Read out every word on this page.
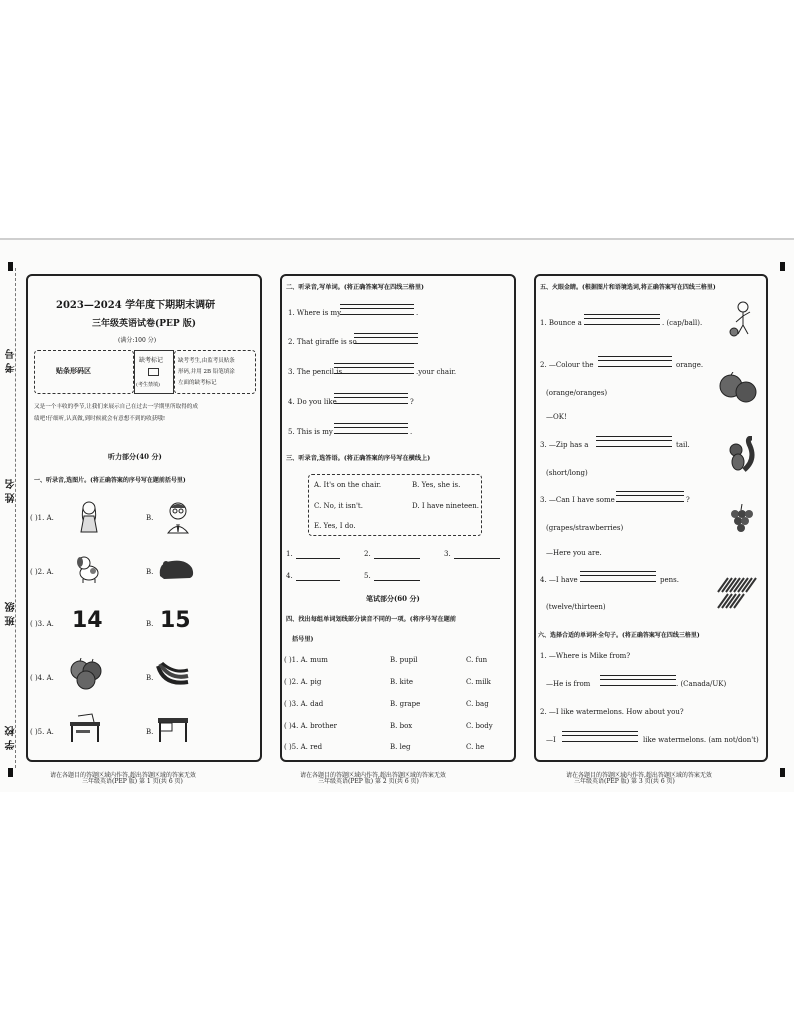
考号
姓名
班级
学校
2023—2024 学年度下期期末调研
三年级英语试卷(PEP 版)
(满分:100 分)
贴条形码区
缺考标记
(考生禁填)
缺考考生,由监考员贴条
形码,并用 2B 铅笔填涂
左面的缺考标记
又是一个丰收的季节,让我们来展示自己在过去一学期里所取得的成
绩吧!仔细听,认真做,到时候就会有意想不到的收获哦!
听力部分(40 分)
一、听录音,选图片。(将正确答案的序号写在题前括号里)
( )1. A.	B.
( )2. A.	B.
( )3. A. 14	B. 15
( )4. A.	B.
( )5. A.	B.
请在各题目的答题区域内作答,超出答题区域的答案无效
三年级英语(PEP 版) 第 1 页(共 6 页)
二、听录音,写单词。(将正确答案写在四线三格里)
1. Where is my	.
2. That giraffe is so
3. The pencil is	.your chair.
4. Do you like	?
5. This is my	.
三、听录音,选答语。(将正确答案的序号写在横线上)
A. It's on the chair.	B. Yes, she is.
C. No, it isn't.	D. I have nineteen.
E. Yes, I do.
1.	2.	3.
4.	5.
笔试部分(60 分)
四、找出每组单词划线部分读音不同的一项。(将序号写在题前
括号里)
( )1. A. mum	B. pupil	C. fun
( )2. A. pig	B. kite	C. milk
( )3. A. dad	B. grape	C. bag
( )4. A. brother	B. box	C. body
( )5. A. red	B. leg	C. he
请在各题目的答题区域内作答,超出答题区域的答案无效
三年级英语(PEP 版) 第 2 页(共 6 页)
五、火眼金睛。(根据图片和语境选词,将正确答案写在四线三格里)
1. Bounce a	. (cap/ball).
2. —Colour the	orange.
(orange/oranges)
—OK!
3. —Zip has a	tail.
(short/long)
3. —Can I have some	?
(grapes/strawberries)
—Here you are.
4. —I have	pens.
(twelve/thirteen)
六、选择合适的单词补全句子。(将正确答案写在四线三格里)
1. —Where is Mike from?
—He is from	. (Canada/UK)
2. —I like watermelons. How about you?
—I	like watermelons. (am not/don't)
请在各题目的答题区域内作答,超出答题区域的答案无效
三年级英语(PEP 版) 第 3 页(共 6 页)
